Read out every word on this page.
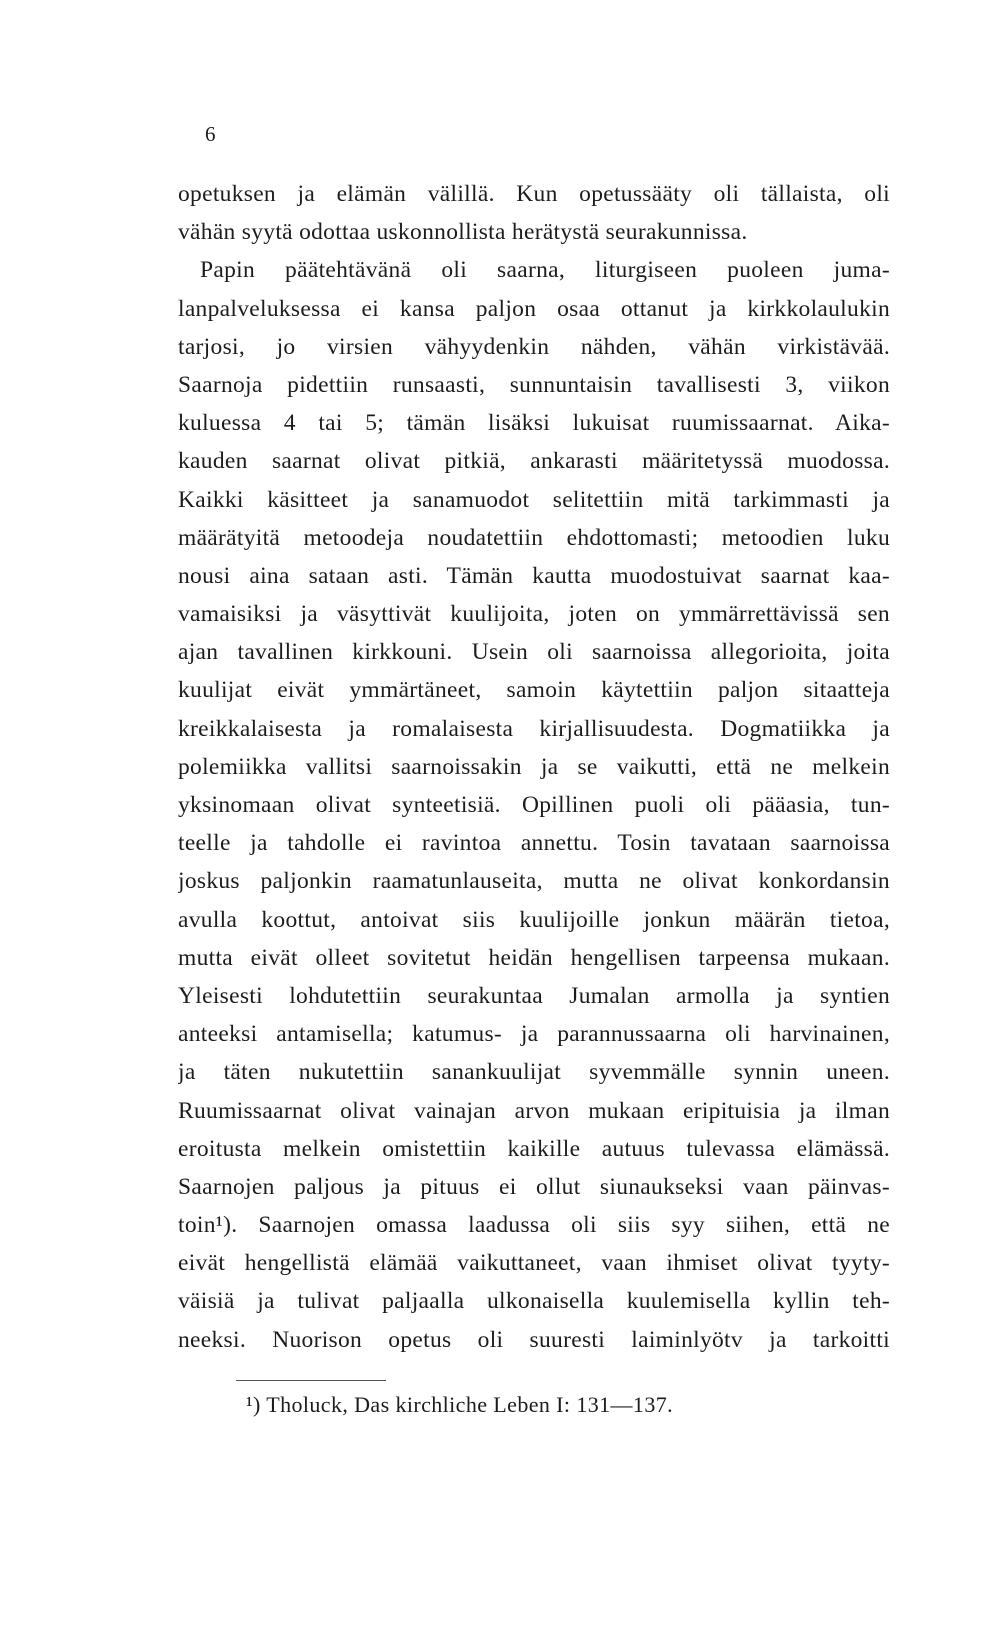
6
opetuksen ja elämän välillä. Kun opetussääty oli tällaista, oli
vähän syytä odottaa uskonnollista herätystä seurakunnissa.
Papin päätehtävänä oli saarna, liturgiseen puoleen juma-
lanpalveluksessa ei kansa paljon osaa ottanut ja kirkkolaulukin
tarjosi, jo virsien vähyydenkin nähden, vähän virkistävää.
Saarnoja pidettiin runsaasti, sunnuntaisin tavallisesti 3, viikon
kuluessa 4 tai 5; tämän lisäksi lukuisat ruumissaarnat. Aika-
kauden saarnat olivat pitkiä, ankarasti määritetyssä muodossa.
Kaikki käsitteet ja sanamuodot selitettiin mitä tarkimmasti ja
määrätyitä metoodeja noudatettiin ehdottomasti; metoodien luku
nousi aina sataan asti. Tämän kautta muodostuivat saarnat kaa-
vamaisiksi ja väsyttivät kuulijoita, joten on ymmärrettävissä sen
ajan tavallinen kirkkouni. Usein oli saarnoissa allegorioita, joita
kuulijat eivät ymmärtäneet, samoin käytettiin paljon sitaatteja
kreikkalaisesta ja romalaisesta kirjallisuudesta. Dogmatiikka ja
polemiikka vallitsi saarnoissakin ja se vaikutti, että ne melkein
yksinomaan olivat synteetisiä. Opillinen puoli oli pääasia, tun-
teelle ja tahdolle ei ravintoa annettu. Tosin tavataan saarnoissa
joskus paljonkin raamatunlauseita, mutta ne olivat konkordansin
avulla koottut, antoivat siis kuulijoille jonkun määrän tietoa,
mutta eivät olleet sovitetut heidän hengellisen tarpeensa mukaan.
Yleisesti lohdutettiin seurakuntaa Jumalan armolla ja syntien
anteeksi antamisella; katumus- ja parannussaarna oli harvinainen,
ja täten nukutettiin sanankuulijat syvemmälle synnin uneen.
Ruumissaarnat olivat vainajan arvon mukaan eripituisia ja ilman
eroitusta melkein omistettiin kaikille autuus tulevassa elämässä.
Saarnojen paljous ja pituus ei ollut siunaukseksi vaan päinvas-
toin¹). Saarnojen omassa laadussa oli siis syy siihen, että ne
eivät hengellistä elämää vaikuttaneet, vaan ihmiset olivat tyyty-
väisiä ja tulivat paljaalla ulkonaisella kuulemisella kyllin teh-
neeksi. Nuorison opetus oli suuresti laiminlyötv ja tarkoitti
¹) Tholuck, Das kirchliche Leben I: 131—137.
